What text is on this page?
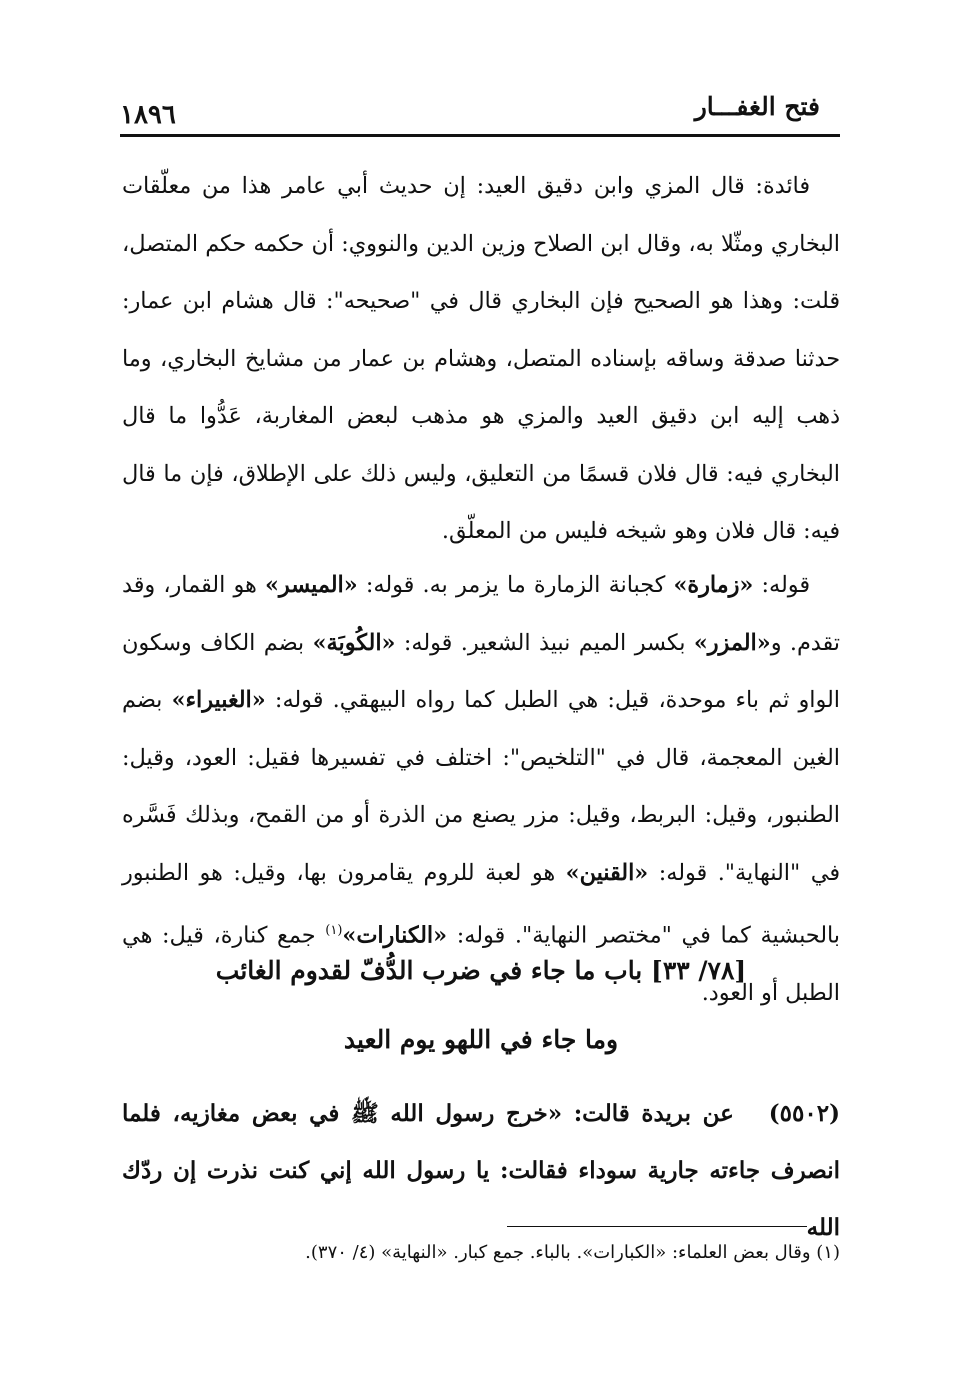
١٨٩٦	فتح الغفـــار

فائدة: قال المزي وابن دقيق العيد: إن حديث أبي عامر هذا من معلّقات البخاري ومثّلا به، وقال ابن الصلاح وزين الدين والنووي: أن حكمه حكم المتصل، قلت: وهذا هو الصحيح فإن البخاري قال في "صحيحه": قال هشام ابن عمار: حدثنا صدقة وساقه بإسناده المتصل، وهشام بن عمار من مشايخ البخاري، وما ذهب إليه ابن دقيق العيد والمزي هو مذهب لبعض المغاربة، عَدُّوا ما قال البخاري فيه: قال فلان قسمًا من التعليق، وليس ذلك على الإطلاق، فإن ما قال فيه: قال فلان وهو شيخه فليس من المعلّق.

قوله: «زمارة» كجبانة الزمارة ما يزمر به. قوله: «الميسر» هو القمار، وقد تقدم. و«المزر» بكسر الميم نبيذ الشعير. قوله: «الكُوبَة» بضم الكاف وسكون الواو ثم باء موحدة، قيل: هي الطبل كما رواه البيهقي. قوله: «الغبيراء» بضم الغين المعجمة، قال في "التلخيص": اختلف في تفسيرها فقيل: العود، وقيل: الطنبور، وقيل: البربط، وقيل: مزر يصنع من الذرة أو من القمح، وبذلك فَسَّره في "النهاية". قوله: «القنين» هو لعبة للروم يقامرون بها، وقيل: هو الطنبور بالحبشية كما في "مختصر النهاية". قوله: «الكنارات»$^{(١)}$ جمع كنارة، قيل: هي الطبل أو العود.

[٧٨/ ٣٣] باب ما جاء في ضرب الدُّفّ لقدوم الغائب
وما جاء في اللهو يوم العيد

(٥٥٠٢)   عن بريدة قالت: «خرج رسول الله ﷺ في بعض مغازيه، فلما انصرف جاءته جارية سوداء فقالت: يا رسول الله إني كنت نذرت إن ردّك الله

(١) وقال بعض العلماء: «الكبارات». بالباء. جمع كبار. «النهاية» (٤/ ٣٧٠).
